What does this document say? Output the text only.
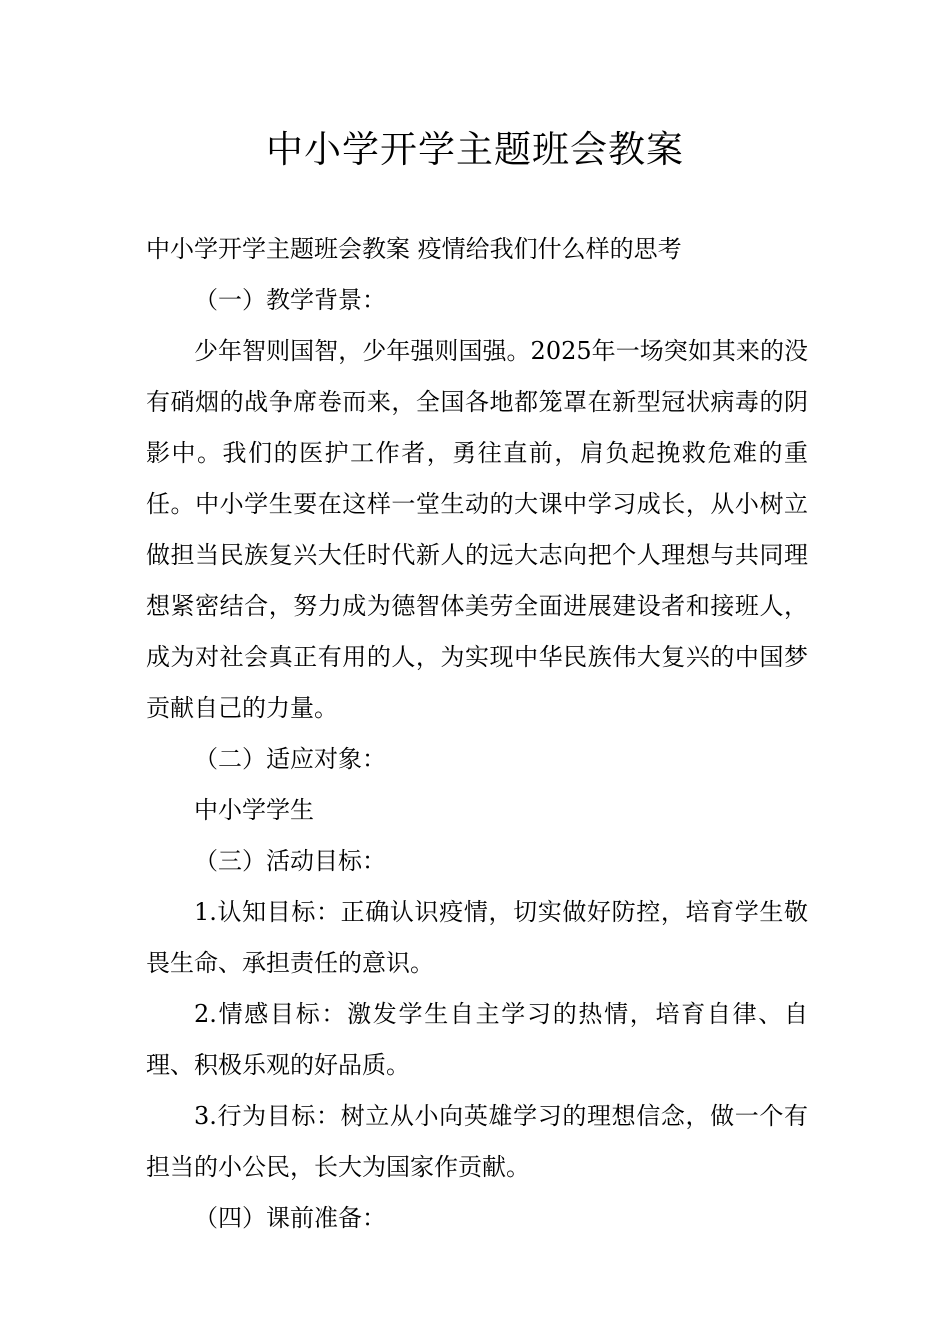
中小学开学主题班会教案

中小学开学主题班会教案 疫情给我们什么样的思考

（一）教学背景：

少年智则国智，少年强则国强。2025年一场突如其来的没有硝烟的战争席卷而来，全国各地都笼罩在新型冠状病毒的阴影中。我们的医护工作者，勇往直前，肩负起挽救危难的重任。中小学生要在这样一堂生动的大课中学习成长，从小树立做担当民族复兴大任时代新人的远大志向把个人理想与共同理想紧密结合，努力成为德智体美劳全面进展建设者和接班人，成为对社会真正有用的人，为实现中华民族伟大复兴的中国梦贡献自己的力量。

（二）适应对象：

中小学学生

（三）活动目标：

1.认知目标：正确认识疫情，切实做好防控，培育学生敬畏生命、承担责任的意识。

2.情感目标：激发学生自主学习的热情，培育自律、自理、积极乐观的好品质。

3.行为目标：树立从小向英雄学习的理想信念，做一个有担当的小公民，长大为国家作贡献。

（四）课前准备：
